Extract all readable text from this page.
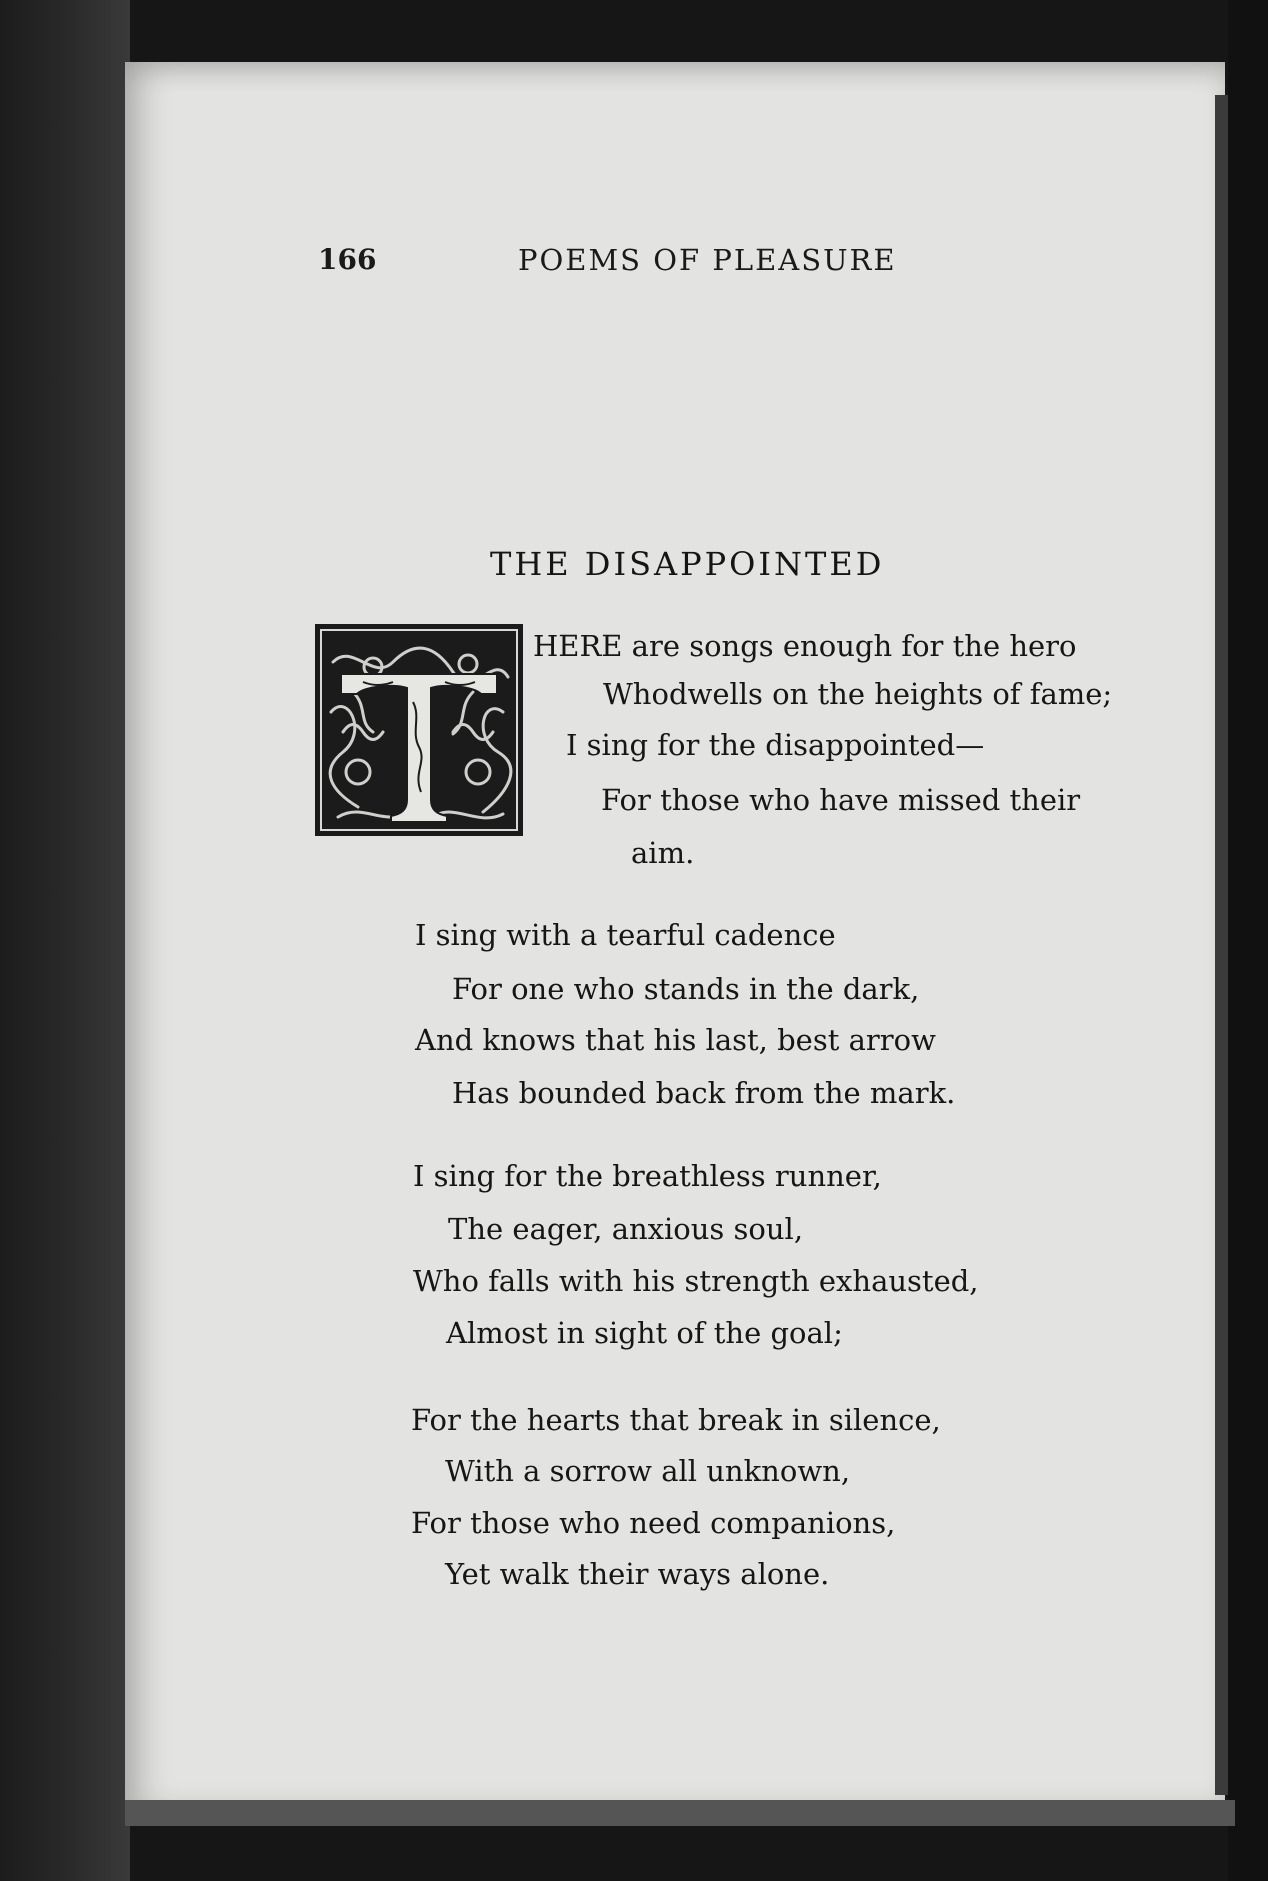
166	POEMS OF PLEASURE
THE DISAPPOINTED
HERE are songs enough for the hero
Whodwells on the heights of fame;
I sing for the disappointed—
For those who have missed their
aim.
I sing with a tearful cadence
For one who stands in the dark,
And knows that his last, best arrow
Has bounded back from the mark.
I sing for the breathless runner,
The eager, anxious soul,
Who falls with his strength exhausted,
Almost in sight of the goal;
For the hearts that break in silence,
With a sorrow all unknown,
For those who need companions,
Yet walk their ways alone.
